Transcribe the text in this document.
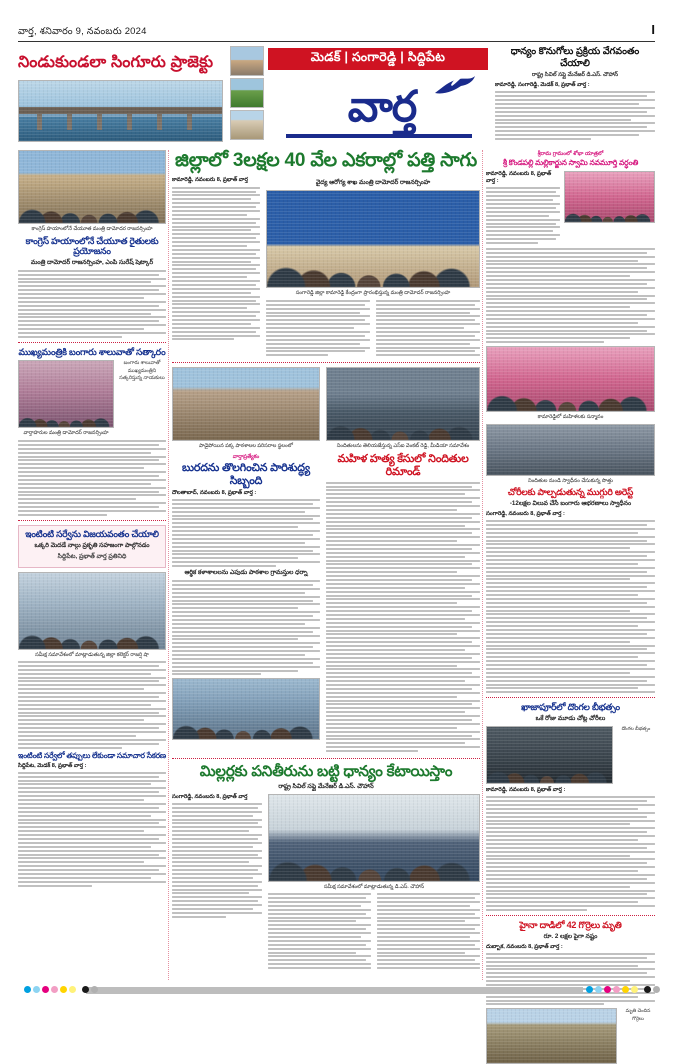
వార్త, శనివారం 9, నవంబరు 2024	I
నిండుకుండలా సింగూరు ప్రాజెక్టు	మెడక్ | సంగారెడ్డి | సిద్దిపేట
వార్త
ధాన్యం కొనుగోలు ప్రక్రియ వేగవంతం చేయాలి
రాష్ట్ర సివిల్ సప్లై మేనేజర్ డి.ఎస్. చౌహాన్
కామారెడ్డి, సంగారెడ్డి, మెడక్ 8, ప్రభాత్ వార్త :
కాంగ్రెస్ హయాంలోనే చేయూత మంత్రి దామోదర రాజనర్సింహ
కాంగ్రెస్ హయాంలోనే చేయూత రైతులకు ప్రయోజనం
మంత్రి దామోదర్ రాజనర్సింహ, ఎంపి సురేష్ షెట్కార్
ముఖ్యమంత్రికి బంగారు శాలువాతో సత్కారం
వార్తాహరుల మంత్రి దామోదర్ రాజనర్సింహ
బంగారు శాలువాతో ముఖ్యమంత్రిని సత్కరిస్తున్న నాయకులు
ఇంటింటి సర్వేను విజయవంతం చేయాలి
ఒక్కరి మెదడే నాల్గు ప్రకృతి సహజంగా పాల్గొనడం
సిద్దిపేట, ప్రభాత్ వార్త ప్రతినిధి
సమీక్ష సమావేశంలో మాట్లాడుతున్న జిల్లా కలెక్టర్ రాజర్షి షా
ఇంటింటి సర్వేలో తప్పులు లేకుండా సమాచార సేకరణ
సిద్దిపేట, మెడక్ 8, ప్రభాత్ వార్త :
జిల్లాలో 3లక్షల 40 వేల ఎకరాల్లో పత్తి సాగు
కామారెడ్డి, నవంబరు 8, ప్రభాత్ వార్త	వైద్య ఆరోగ్య శాఖ మంత్రి దామోదర్ రాజనర్సింహ
సంగారెడ్డి జిల్లా కామారెడ్డి కేంద్రంగా ప్రారంభిస్తున్న మంత్రి దామోదర్ రాజనర్సింహ
పాడైపోయిన పక్క పాఠశాలల పరిసరాల స్థలంలో
వార్తాప్రత్యేకం
బురదను తొలగించిన పారిశుద్ధ్య సిబ్బంది
దౌలతాబాద్, నవంబరు 8, ప్రభాత్ వార్త :
ఆర్థిక కళాశాలలను ఎపుడు పాఠశాల గ్రామస్తుల ధర్నా
నిందితులను తెలియజేస్తున్న ఎస్ఐ వెంకట్ రెడ్డి, మీడియా సమావేశం
మహిళ హత్య కేసులో నిందితుల రిమాండ్
మిల్లర్లకు పనితీరును బట్టి ధాన్యం కేటాయిస్తాం
రాష్ట్ర సివిల్ సప్లై మేనేజర్ డి.ఎస్. చౌహాన్
సంగారెడ్డి, నవంబరు 8, ప్రభాత్ వార్త
సమీక్ష సమావేశంలో మాట్లాడుతున్న డి.ఎస్. చౌహాన్
శ్రీరామ గ్రామంలో శోభా యాత్రలో
శ్రీ కొండపల్లి మల్లికార్జున స్వామి నవమూర్తి వర్ధంతి
కామారెడ్డి, నవంబరు 8, ప్రభాత్ వార్త :
కామారెడ్డిలో మహిళలకు సన్మానం
నిందితుల నుండి స్వాధీనం చేసుకున్న సొత్తు
చోరీలకు పాల్పడుతున్న ముగ్గురి అరెస్ట్
-12లక్షల విలువ చేసే బంగారు ఆభరణాలు స్వాధీనం
సంగారెడ్డి, నవంబరు 8, ప్రభాత్ వార్త :
ఖాజాపూర్‌లో దొంగల బీభత్సం
ఒకే రోజు మూడు చోట్ల చోరీలు
దొంగల బీభత్సం
కామారెడ్డి, నవంబరు 8, ప్రభాత్ వార్త :
హైనా దాడిలో 42 గొర్రెలు మృతి
రూ. 2 లక్షల పైగా నష్టం
దుబ్బాక, నవంబరు 8, ప్రభాత్ వార్త :
మృతి చెందిన గొర్రెలు
